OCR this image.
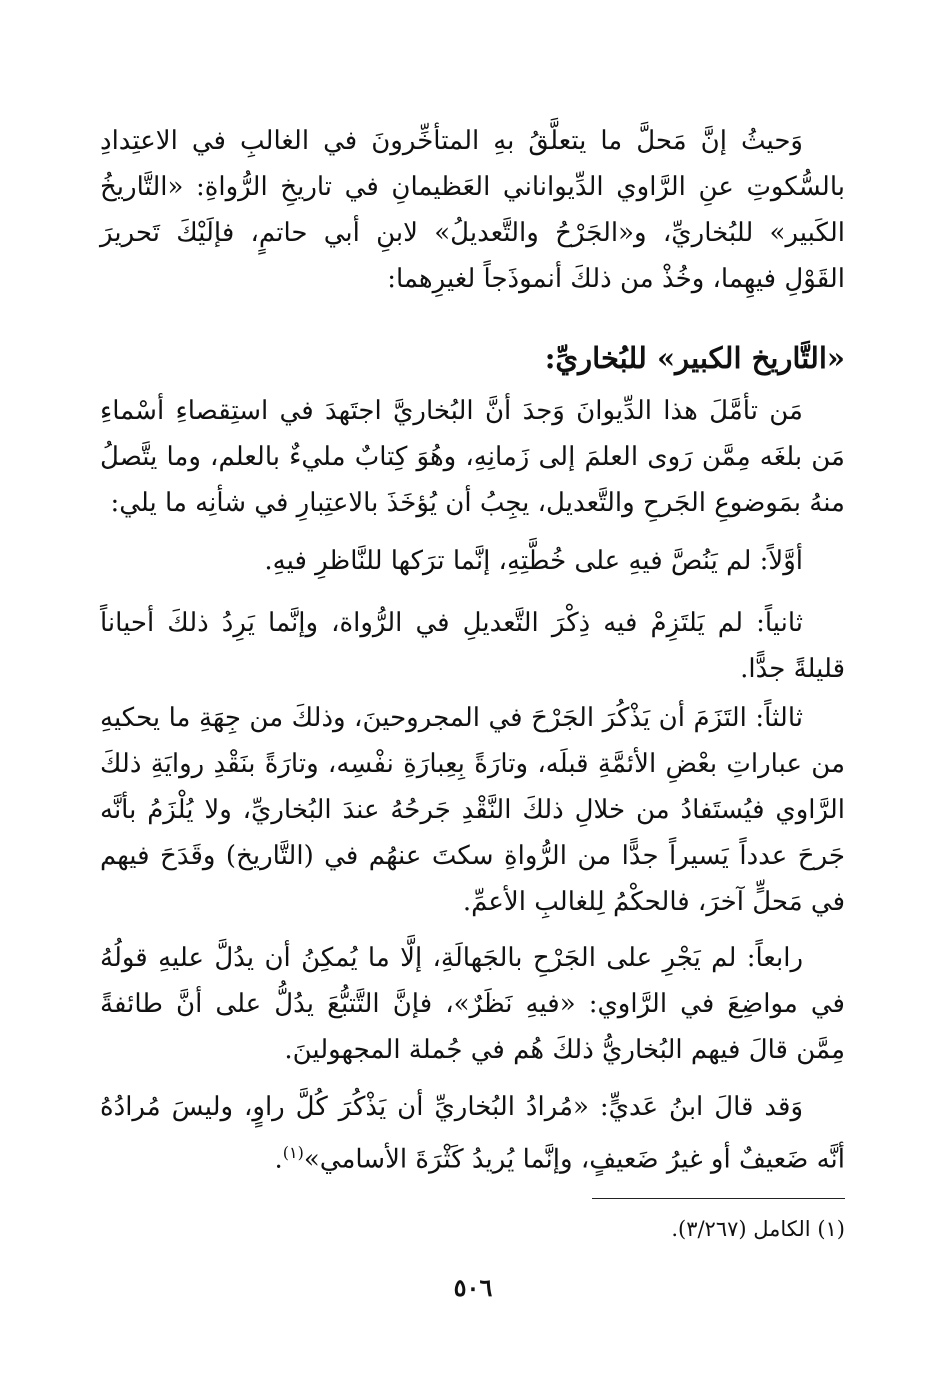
وَحيثُ إنَّ مَحلَّ ما يتعلَّقُ بهِ المتأخِّرونَ في الغالبِ في الاعتِدادِ بالسُّكوتِ عنِ الرَّاوي الدِّيواناني العَظيمانِ في تاريخِ الرُّواةِ: «التَّاريخُ الكَبير» للبُخاريِّ، و«الجَرْحُ والتَّعديلُ» لابنِ أبي حاتمٍ، فإلَيْكَ تَحريرَ القَوْلِ فيهِما، وخُذْ من ذلكَ أنموذَجاً لغيرِهما:

«التَّاريخ الكبير» للبُخاريِّ:

مَن تأمَّلَ هذا الدِّيوانَ وَجدَ أنَّ البُخاريَّ اجتَهدَ في استِقصاءِ أسْماءِ مَن بلغَه مِمَّن رَوى العلمَ إلى زَمانِهِ، وهُوَ كِتابٌ مليءٌ بالعلم، وما يتَّصلُ منهُ بمَوضوعِ الجَرحِ والتَّعديل، يجِبُ أن يُؤخَذَ بالاعتِبارِ في شأنِه ما يلي:

أوَّلاً: لم يَنُصَّ فيهِ على خُطَّتِهِ، إنَّما ترَكها للنَّاظرِ فيهِ.

ثانياً: لم يَلتَزِمْ فيه ذِكْرَ التَّعديلِ في الرُّواة، وإنَّما يَرِدُ ذلكَ أحياناً قليلةً جدًّا.

ثالثاً: التَزَمَ أن يَذْكُرَ الجَرْحَ في المجروحينَ، وذلكَ من جِهَةِ ما يحكيهِ من عباراتِ بعْضِ الأئمَّةِ قبلَه، وتارَةً بِعِبارَةِ نفْسِه، وتارَةً بنَقْدِ روايَةِ ذلكَ الرَّاوي فيُستَفادُ من خلالِ ذلكَ النَّقْدِ جَرحُهُ عندَ البُخاريِّ، ولا يُلْزَمُ بأنَّه جَرحَ عدداً يَسيراً جدًّا من الرُّواةِ سكتَ عنهُم في (التَّاريخ) وقَدَحَ فيهم في مَحلٍّ آخرَ، فالحكْمُ لِلغالبِ الأعمِّ.

رابعاً: لم يَجْرِ على الجَرْحِ بالجَهالَةِ، إلَّا ما يُمكِنُ أن يدُلَّ عليهِ قولُهُ في مواضِعَ في الرَّاوي: «فيهِ نَظَرٌ»، فإنَّ التَّتبُّعَ يدُلُّ على أنَّ طائفةً مِمَّن قالَ فيهم البُخاريُّ ذلكَ هُم في جُملة المجهولينَ.

وَقد قالَ ابنُ عَديٍّ: «مُرادُ البُخاريِّ أن يَذْكُرَ كُلَّ راوٍ، وليسَ مُرادُهُ أنَّه ضَعيفٌ أو غيرُ ضَعيفٍ، وإنَّما يُريدُ كَثْرَةَ الأسامي»$^{(١)}$.

(١) الكامل (٣/٢٦٧).

٥٠٦
